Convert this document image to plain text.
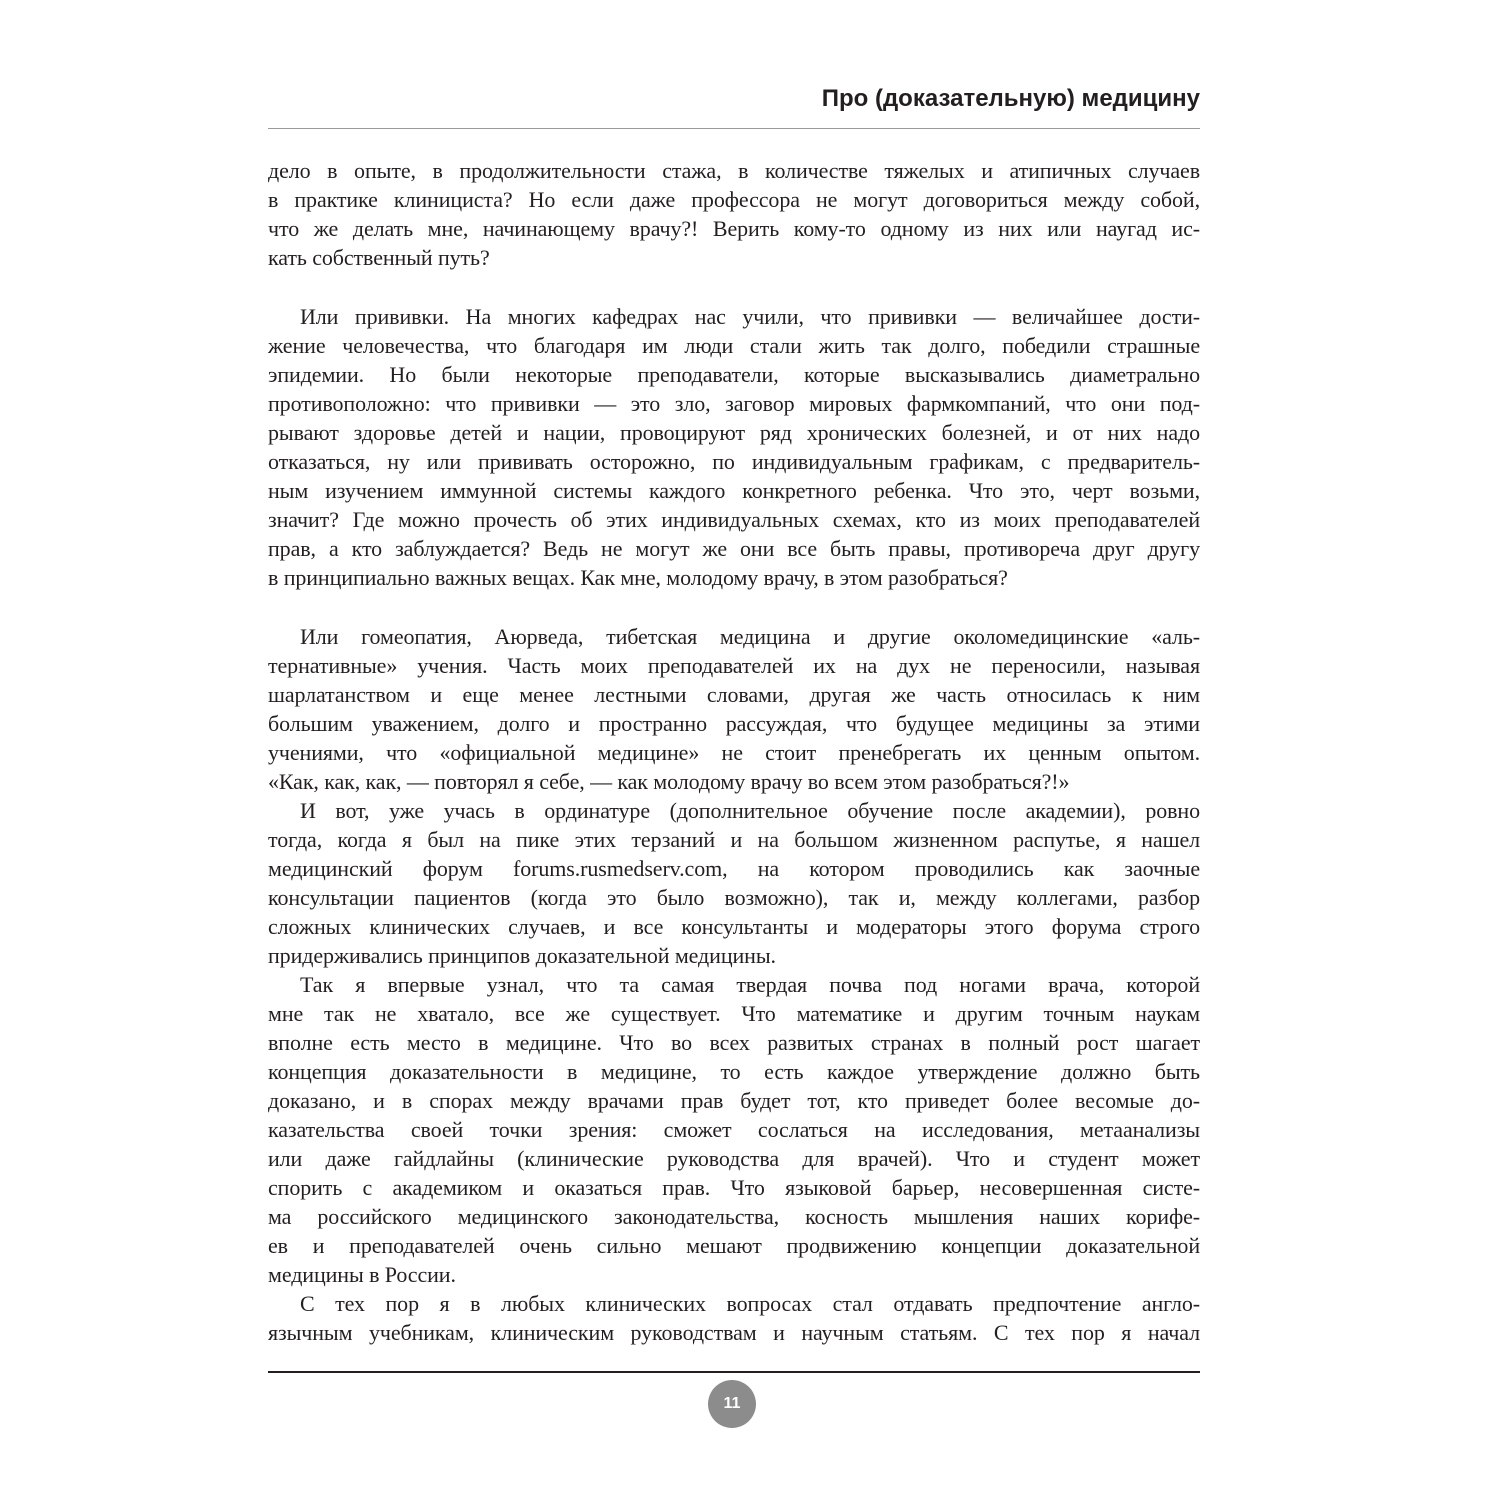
Про (доказательную) медицину

дело в опыте, в продолжительности стажа, в количестве тяжелых и атипичных случаев
в практике клинициста? Но если даже профессора не могут договориться между собой,
что же делать мне, начинающему врачу?! Верить кому-то одному из них или наугад ис-
кать собственный путь?

Или прививки. На многих кафедрах нас учили, что прививки — величайшее дости-
жение человечества, что благодаря им люди стали жить так долго, победили страшные
эпидемии. Но были некоторые преподаватели, которые высказывались диаметрально
противоположно: что прививки — это зло, заговор мировых фармкомпаний, что они под-
рывают здоровье детей и нации, провоцируют ряд хронических болезней, и от них надо
отказаться, ну или прививать осторожно, по индивидуальным графикам, с предваритель-
ным изучением иммунной системы каждого конкретного ребенка. Что это, черт возьми,
значит? Где можно прочесть об этих индивидуальных схемах, кто из моих преподавателей
прав, а кто заблуждается? Ведь не могут же они все быть правы, противореча друг другу
в принципиально важных вещах. Как мне, молодому врачу, в этом разобраться?

Или гомеопатия, Аюрведа, тибетская медицина и другие околомедицинские «аль-
тернативные» учения. Часть моих преподавателей их на дух не переносили, называя
шарлатанством и еще менее лестными словами, другая же часть относилась к ним
большим уважением, долго и пространно рассуждая, что будущее медицины за этими
учениями, что «официальной медицине» не стоит пренебрегать их ценным опытом.
«Как, как, как, — повторял я себе, — как молодому врачу во всем этом разобраться?!»

И вот, уже учась в ординатуре (дополнительное обучение после академии), ровно
тогда, когда я был на пике этих терзаний и на большом жизненном распутье, я нашел
медицинский форум forums.rusmedserv.com, на котором проводились как заочные
консультации пациентов (когда это было возможно), так и, между коллегами, разбор
сложных клинических случаев, и все консультанты и модераторы этого форума строго
придерживались принципов доказательной медицины.

Так я впервые узнал, что та самая твердая почва под ногами врача, которой
мне так не хватало, все же существует. Что математике и другим точным наукам
вполне есть место в медицине. Что во всех развитых странах в полный рост шагает
концепция доказательности в медицине, то есть каждое утверждение должно быть
доказано, и в спорах между врачами прав будет тот, кто приведет более весомые до-
казательства своей точки зрения: сможет сослаться на исследования, метаанализы
или даже гайдлайны (клинические руководства для врачей). Что и студент может
спорить с академиком и оказаться прав. Что языковой барьер, несовершенная систе-
ма российского медицинского законодательства, косность мышления наших корифе-
ев и преподавателей очень сильно мешают продвижению концепции доказательной
медицины в России.

С тех пор я в любых клинических вопросах стал отдавать предпочтение англо-
язычным учебникам, клиническим руководствам и научным статьям. С тех пор я начал

11
